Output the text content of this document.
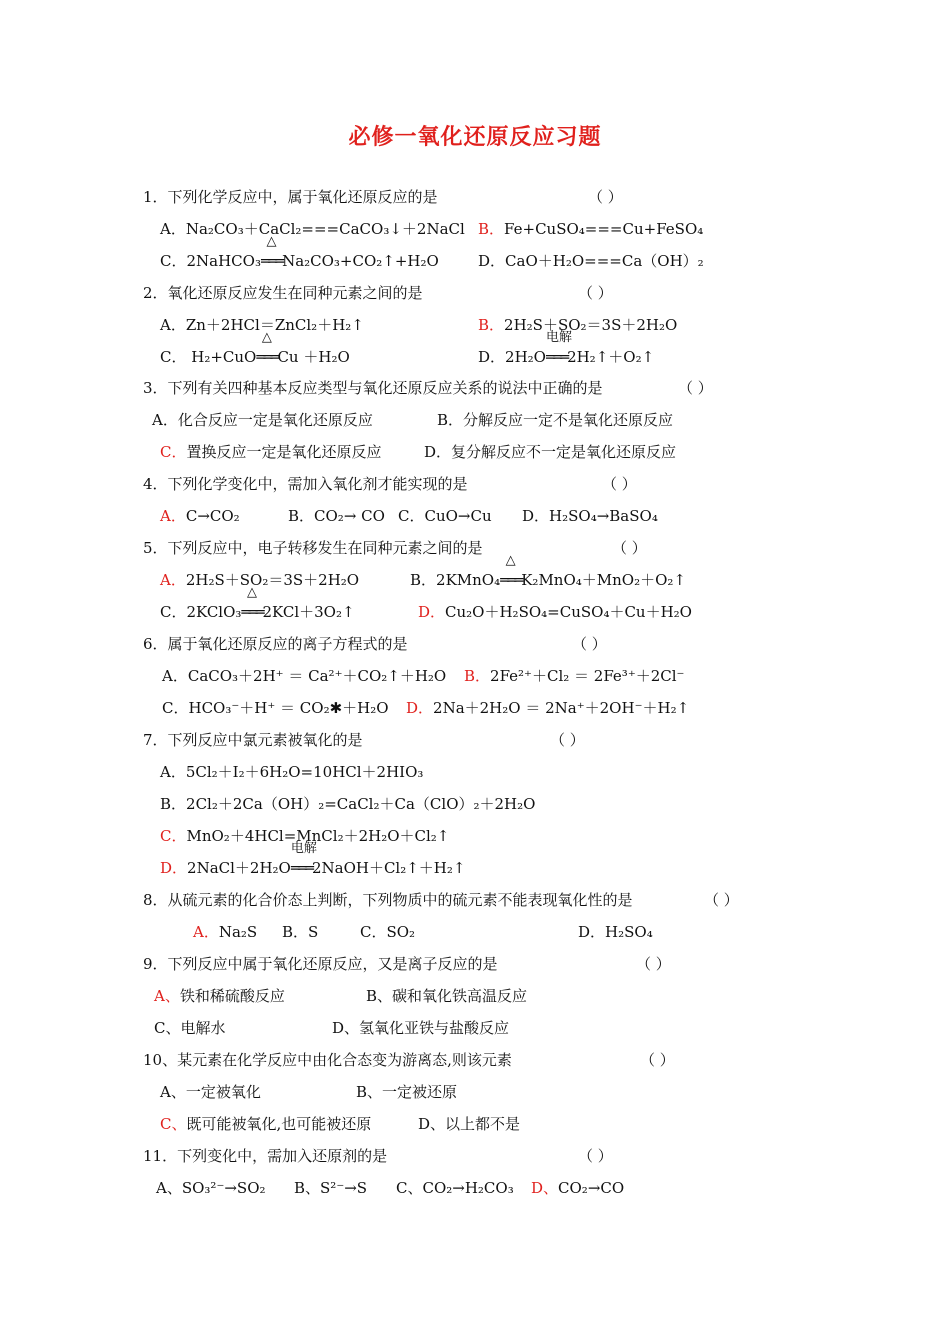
必修一氧化还原反应习题
1．下列化学反应中，属于氧化还原反应的是	（ ）
A．Na₂CO₃＋CaCl₂===CaCO₃↓＋2NaCl B．Fe+CuSO₄===Cu+FeSO₄
C．2NaHCO₃
△
═══Na₂CO₃+CO₂↑+H₂O	D．CaO＋H₂O===Ca（OH）₂
2．氧化还原反应发生在同种元素之间的是	（ ）
A．Zn＋2HCl＝ZnCl₂＋H₂↑	B．2H₂S＋SO₂＝3S＋2H₂O
C． H₂+CuO
△
═══Cu ＋H₂O	D．2H₂O
电解
═══2H₂↑＋O₂↑
3．下列有关四种基本反应类型与氧化还原反应关系的说法中正确的是	（ ）
A．化合反应一定是氧化还原反应	B．分解反应一定不是氧化还原反应
C．置换反应一定是氧化还原反应	D．复分解反应不一定是氧化还原反应
4．下列化学变化中，需加入氧化剂才能实现的是	（ ）
A．C→CO₂	B．CO₂→ CO C．CuO→Cu D．H₂SO₄→BaSO₄
5．下列反应中，电子转移发生在同种元素之间的是	（ ）
A．2H₂S＋SO₂＝3S＋2H₂O	B．2KMnO₄
△
═══K₂MnO₄＋MnO₂＋O₂↑
C．2KClO₃
△
═══2KCl＋3O₂↑	D．Cu₂O＋H₂SO₄=CuSO₄＋Cu＋H₂O
6．属于氧化还原反应的离子方程式的是	（ ）
A．CaCO₃＋2H⁺ ＝ Ca²⁺＋CO₂↑＋H₂O B．2Fe²⁺＋Cl₂ ＝ 2Fe³⁺＋2Cl⁻
C．HCO₃⁻＋H⁺ ＝ CO₂✱＋H₂O D．2Na＋2H₂O ＝ 2Na⁺＋2OH⁻＋H₂↑
7．下列反应中氯元素被氧化的是	（ ）
A．5Cl₂＋I₂＋6H₂O=10HCl＋2HIO₃
B．2Cl₂＋2Ca（OH）₂=CaCl₂＋Ca（ClO）₂＋2H₂O
C．MnO₂＋4HCl=MnCl₂＋2H₂O＋Cl₂↑
D．2NaCl＋2H₂O
电解
═══2NaOH＋Cl₂↑＋H₂↑
8．从硫元素的化合价态上判断，下列物质中的硫元素不能表现氧化性的是	（ ）
A．Na₂S B．S	C．SO₂	D．H₂SO₄
9．下列反应中属于氧化还原反应，又是离子反应的是	（ ）
A、铁和稀硫酸反应	B、碳和氧化铁高温反应
C、电解水	D、氢氧化亚铁与盐酸反应
10、某元素在化学反应中由化合态变为游离态,则该元素	（ ）
A、一定被氧化	B、一定被还原
C、既可能被氧化,也可能被还原	D、以上都不是
11．下列变化中，需加入还原剂的是	（ ）
A、SO₃²⁻→SO₂ B、S²⁻→S C、CO₂→H₂CO₃ D、CO₂→CO
